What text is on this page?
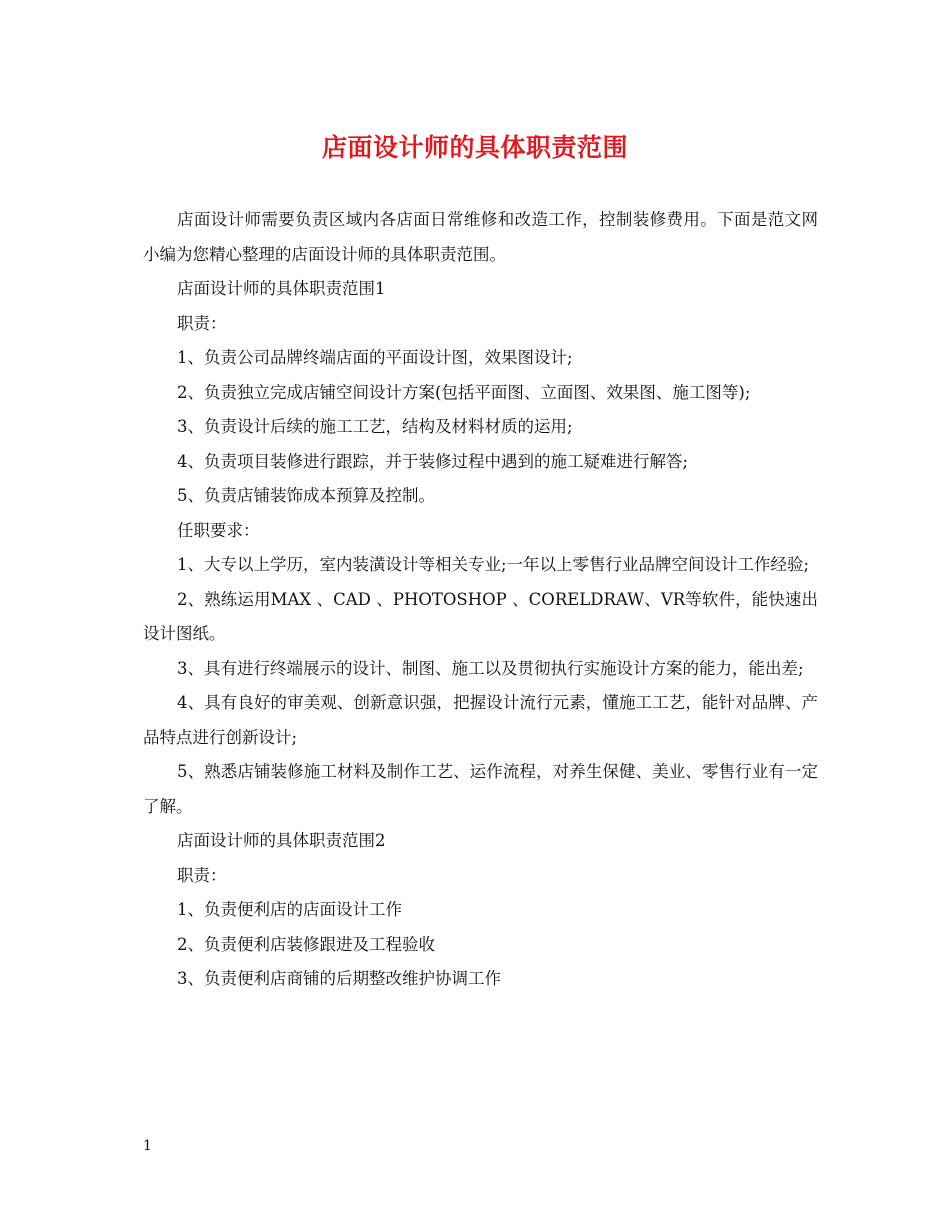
店面设计师的具体职责范围

店面设计师需要负责区域内各店面日常维修和改造工作，控制装修费用。下面是范文网小编为您精心整理的店面设计师的具体职责范围。

店面设计师的具体职责范围1

职责：

1、负责公司品牌终端店面的平面设计图，效果图设计;

2、负责独立完成店铺空间设计方案(包括平面图、立面图、效果图、施工图等);

3、负责设计后续的施工工艺，结构及材料材质的运用;

4、负责项目装修进行跟踪，并于装修过程中遇到的施工疑难进行解答;

5、负责店铺装饰成本预算及控制。

任职要求：

1、大专以上学历，室内装潢设计等相关专业;一年以上零售行业品牌空间设计工作经验;

2、熟练运用MAX 、CAD 、PHOTOSHOP 、CORELDRAW、VR等软件，能快速出设计图纸。

3、具有进行终端展示的设计、制图、施工以及贯彻执行实施设计方案的能力，能出差;

4、具有良好的审美观、创新意识强，把握设计流行元素，懂施工工艺，能针对品牌、产品特点进行创新设计;

5、熟悉店铺装修施工材料及制作工艺、运作流程，对养生保健、美业、零售行业有一定了解。

店面设计师的具体职责范围2

职责：

1、负责便利店的店面设计工作

2、负责便利店装修跟进及工程验收

3、负责便利店商铺的后期整改维护协调工作

1
